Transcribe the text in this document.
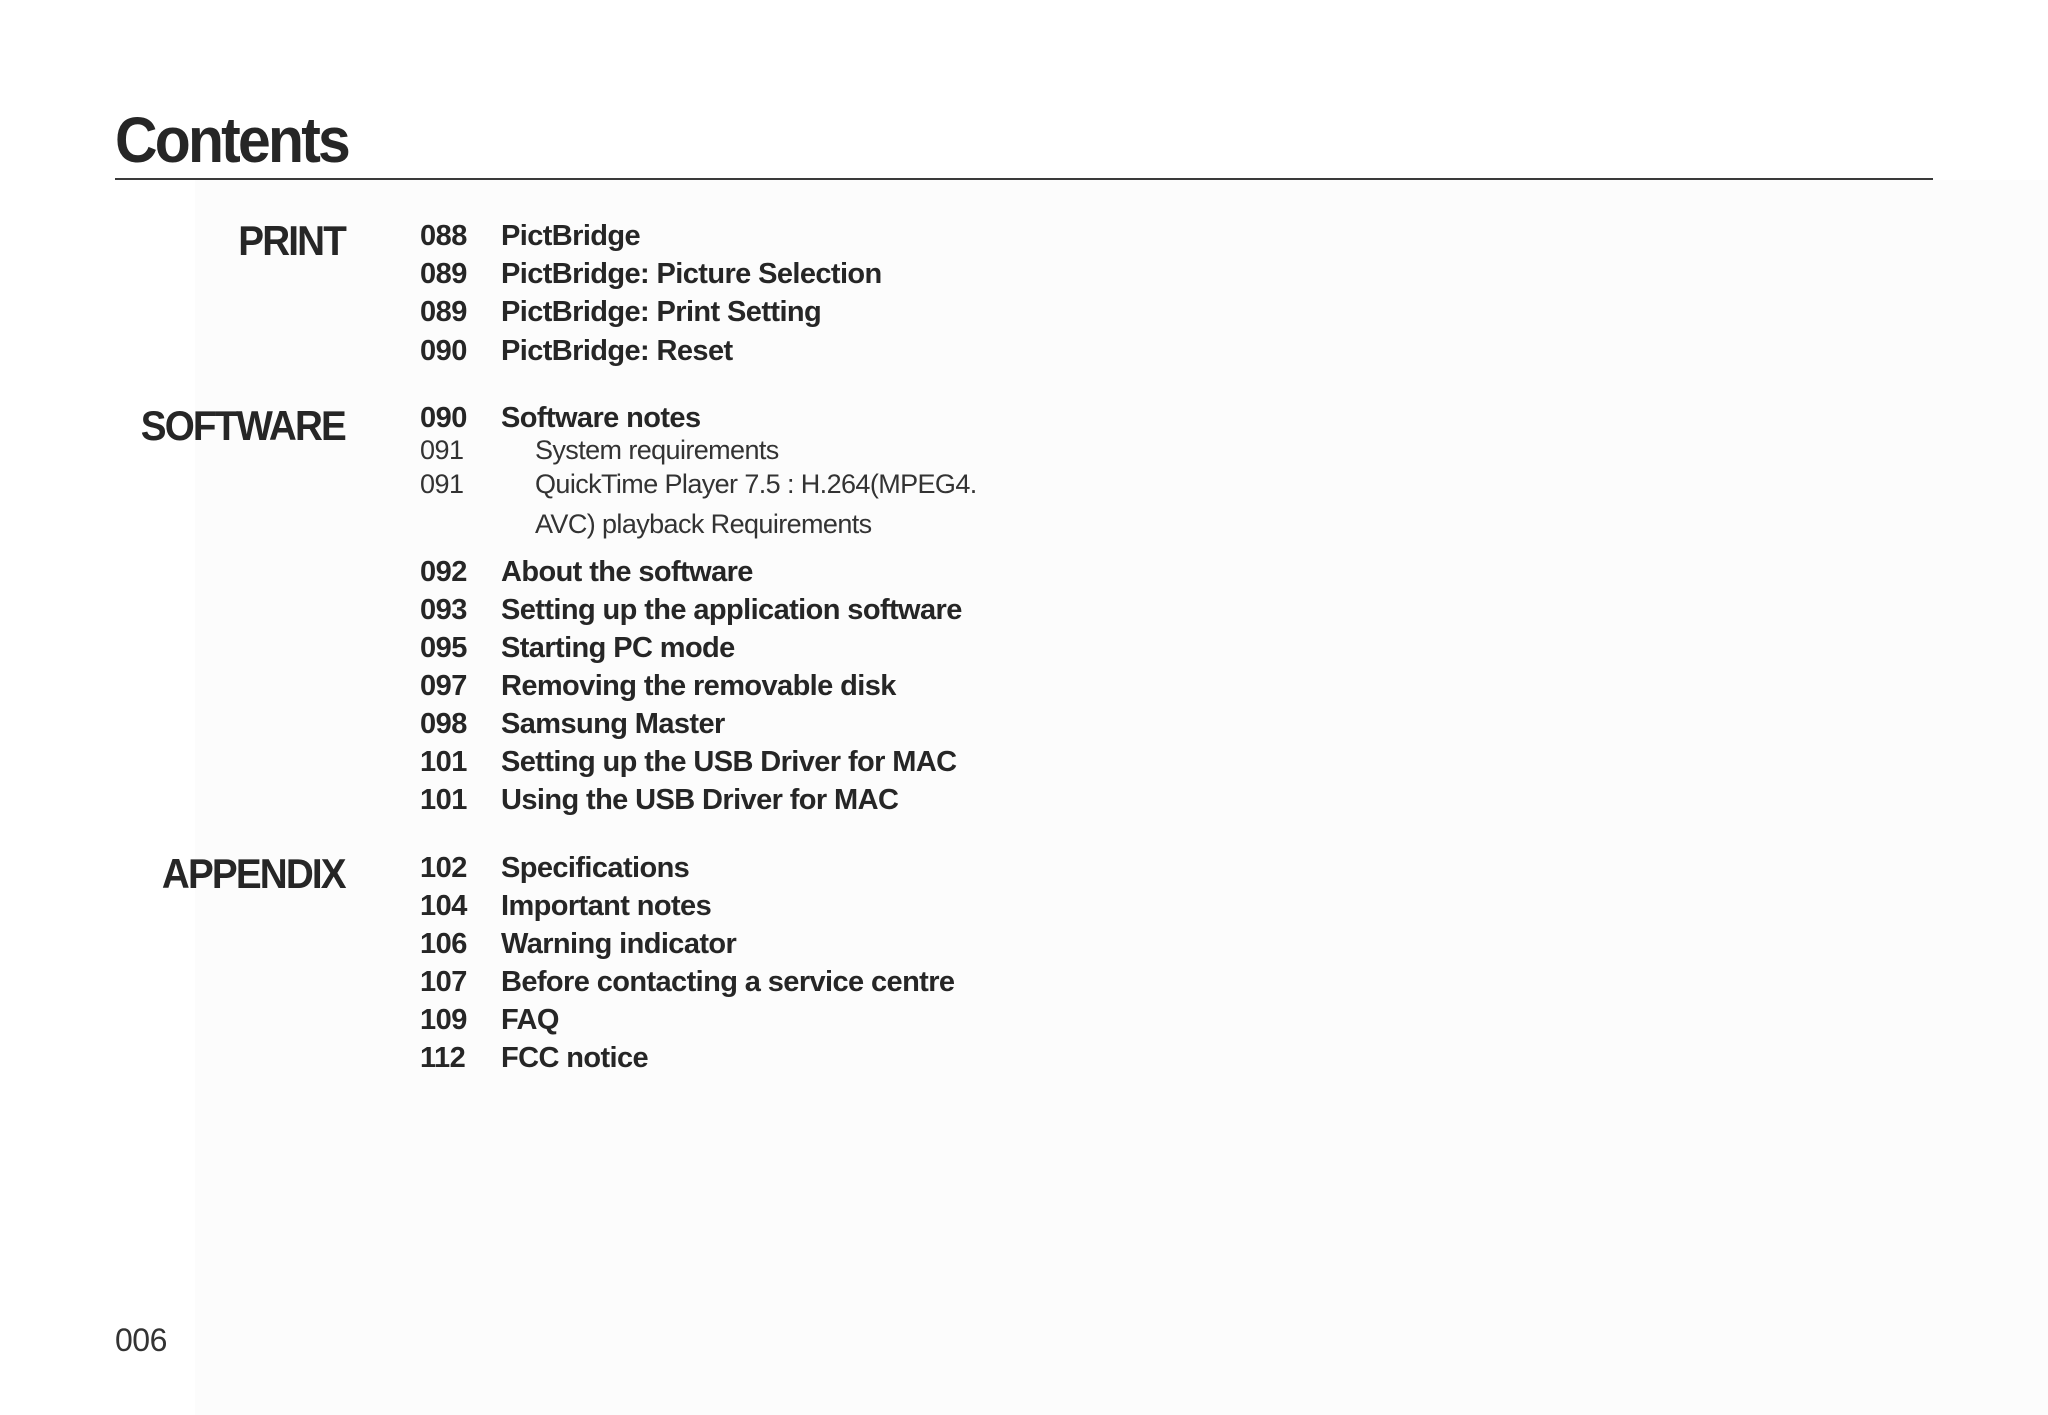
Contents
PRINT	088	PictBridge
089	PictBridge: Picture Selection
089	PictBridge: Print Setting
090	PictBridge: Reset
SOFTWARE	090	Software notes
091	System requirements
091	QuickTime Player 7.5 : H.264(MPEG4.
AVC) playback Requirements
092	About the software
093	Setting up the application software
095	Starting PC mode
097	Removing the removable disk
098	Samsung Master
101	Setting up the USB Driver for MAC
101	Using the USB Driver for MAC
APPENDIX	102	Specifications
104	Important notes
106	Warning indicator
107	Before contacting a service centre
109	FAQ
112	FCC notice
006
